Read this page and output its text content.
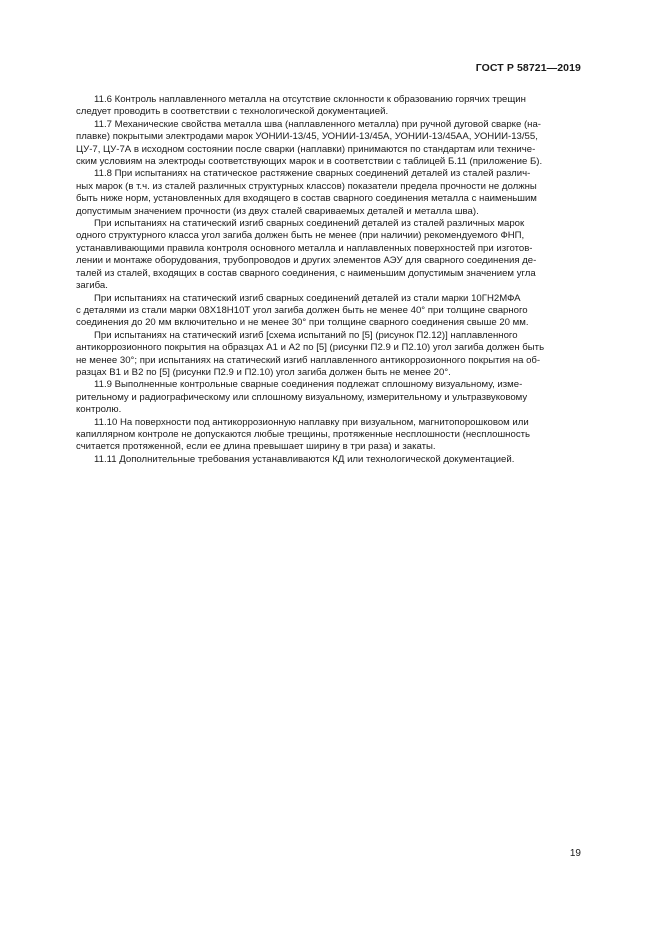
ГОСТ Р 58721—2019

11.6 Контроль наплавленного металла на отсутствие склонности к образованию горячих трещин
следует проводить в соответствии с технологической документацией.

11.7 Механические свойства металла шва (наплавленного металла) при ручной дуговой сварке (на-
плавке) покрытыми электродами марок УОНИИ-13/45, УОНИИ-13/45А, УОНИИ-13/45АА, УОНИИ-13/55,
ЦУ-7, ЦУ-7А в исходном состоянии после сварки (наплавки) принимаются по стандартам или техниче-
ским условиям на электроды соответствующих марок и в соответствии с таблицей Б.11 (приложение Б).

11.8 При испытаниях на статическое растяжение сварных соединений деталей из сталей различ-
ных марок (в т.ч. из сталей различных структурных классов) показатели предела прочности не должны
быть ниже норм, установленных для входящего в состав сварного соединения металла с наименьшим
допустимым значением прочности (из двух сталей свариваемых деталей и металла шва).

При испытаниях на статический изгиб сварных соединений деталей из сталей различных марок
одного структурного класса угол загиба должен быть не менее (при наличии) рекомендуемого ФНП,
устанавливающими правила контроля основного металла и наплавленных поверхностей при изготов-
лении и монтаже оборудования, трубопроводов и других элементов АЭУ для сварного соединения де-
талей из сталей, входящих в состав сварного соединения, с наименьшим допустимым значением угла
загиба.

При испытаниях на статический изгиб сварных соединений деталей из стали марки 10ГН2МФА
с деталями из стали марки 08Х18Н10Т угол загиба должен быть не менее 40° при толщине сварного
соединения до 20 мм включительно и не менее 30° при толщине сварного соединения свыше 20 мм.

При испытаниях на статический изгиб [схема испытаний по [5] (рисунок П2.12)] наплавленного
антикоррозионного покрытия на образцах А1 и А2 по [5] (рисунки П2.9 и П2.10) угол загиба должен быть
не менее 30°; при испытаниях на статический изгиб наплавленного антикоррозионного покрытия на об-
разцах В1 и В2 по [5] (рисунки П2.9 и П2.10) угол загиба должен быть не менее 20°.

11.9 Выполненные контрольные сварные соединения подлежат сплошному визуальному, изме-
рительному и радиографическому или сплошному визуальному, измерительному и ультразвуковому
контролю.

11.10 На поверхности под антикоррозионную наплавку при визуальном, магнитопорошковом или
капиллярном контроле не допускаются любые трещины, протяженные несплошности (несплошность
считается протяженной, если ее длина превышает ширину в три раза) и закаты.

11.11 Дополнительные требования устанавливаются КД или технологической документацией.

19
